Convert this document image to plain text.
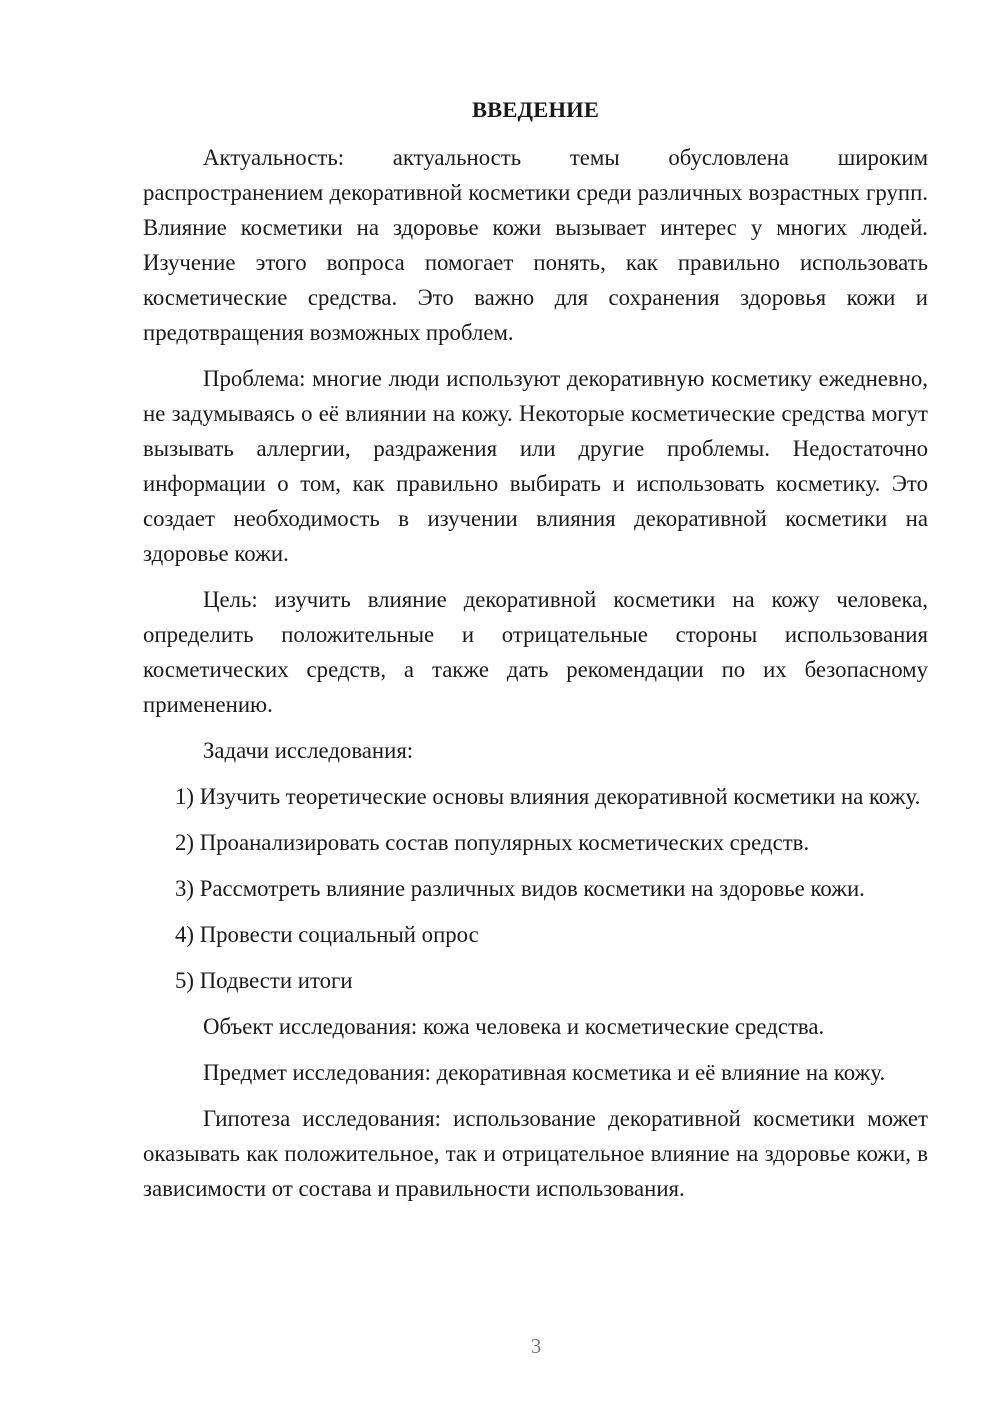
ВВЕДЕНИЕ

Актуальность: актуальность темы обусловлена широким распространением декоративной косметики среди различных возрастных групп. Влияние косметики на здоровье кожи вызывает интерес у многих людей. Изучение этого вопроса помогает понять, как правильно использовать косметические средства. Это важно для сохранения здоровья кожи и предотвращения возможных проблем.

Проблема: многие люди используют декоративную косметику ежедневно, не задумываясь о её влиянии на кожу. Некоторые косметические средства могут вызывать аллергии, раздражения или другие проблемы. Недостаточно информации о том, как правильно выбирать и использовать косметику. Это создает необходимость в изучении влияния декоративной косметики на здоровье кожи.

Цель: изучить влияние декоративной косметики на кожу человека, определить положительные и отрицательные стороны использования косметических средств, а также дать рекомендации по их безопасному применению.

Задачи исследования:

1) Изучить теоретические основы влияния декоративной косметики на кожу.

2) Проанализировать состав популярных косметических средств.

3) Рассмотреть влияние различных видов косметики на здоровье кожи.

4) Провести социальный опрос

5) Подвести итоги

Объект исследования: кожа человека и косметические средства.

Предмет исследования: декоративная косметика и её влияние на кожу.

Гипотеза исследования: использование декоративной косметики может оказывать как положительное, так и отрицательное влияние на здоровье кожи, в зависимости от состава и правильности использования.

3
